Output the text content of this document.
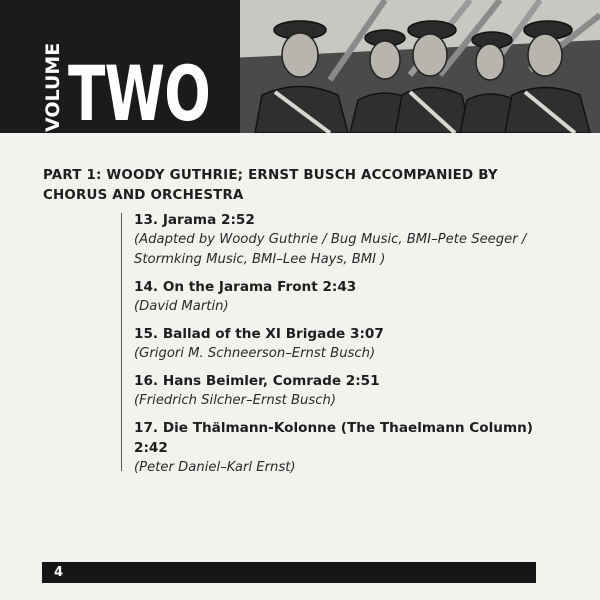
VOLUME TWO
PART 1: WOODY GUTHRIE; ERNST BUSCH ACCOMPANIED BY CHORUS AND ORCHESTRA
13. Jarama 2:52
(Adapted by Woody Guthrie / Bug Music, BMI–Pete Seeger / Stormking Music, BMI–Lee Hays, BMI )
14. On the Jarama Front 2:43
(David Martin)
15. Ballad of the XI Brigade 3:07
(Grigori M. Schneerson–Ernst Busch)
16. Hans Beimler, Comrade 2:51
(Friedrich Silcher–Ernst Busch)
17. Die Thälmann-Kolonne (The Thaelmann Column) 2:42
(Peter Daniel–Karl Ernst)
4
